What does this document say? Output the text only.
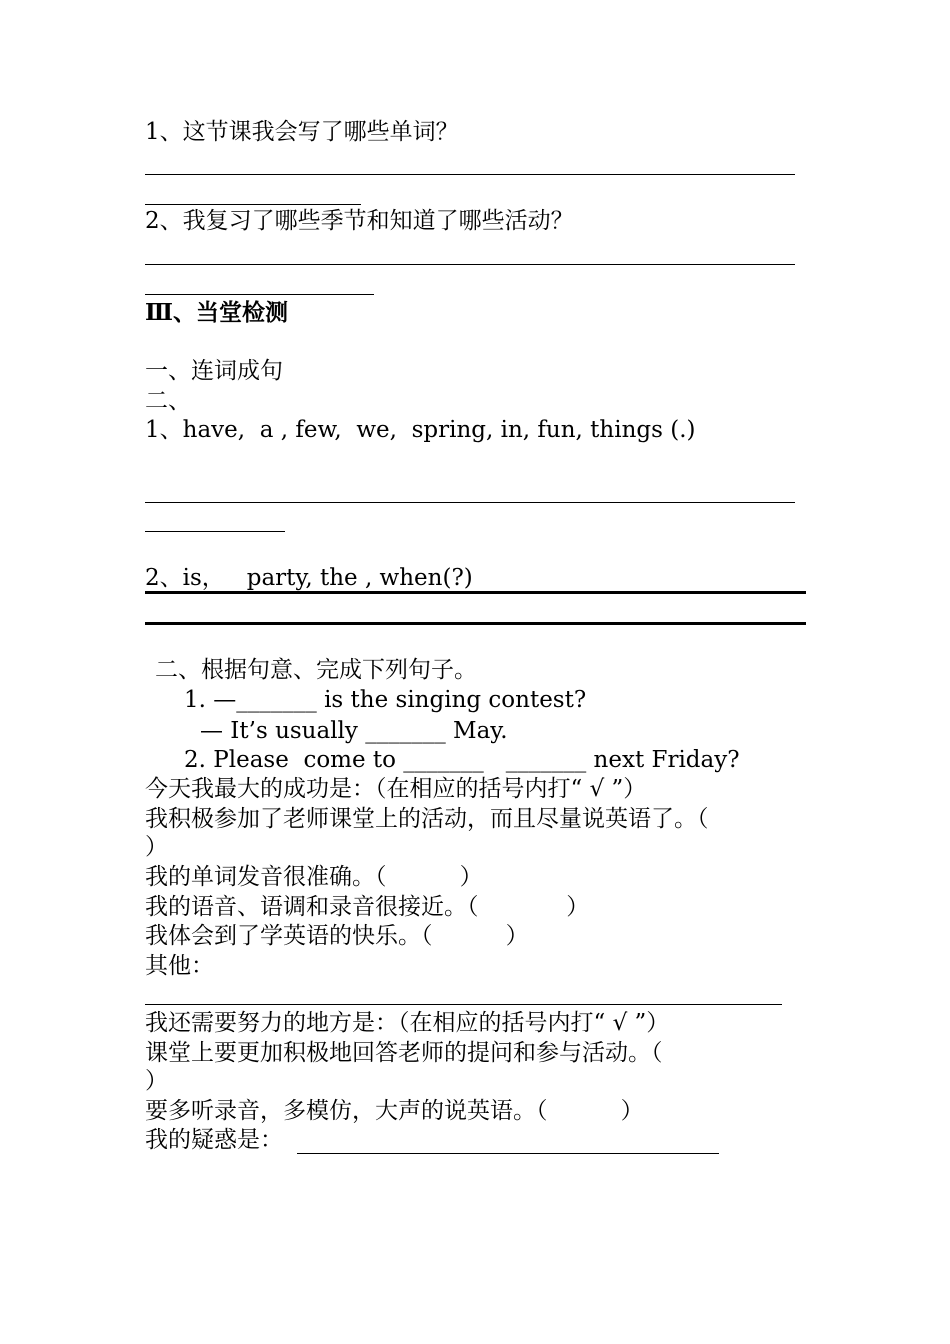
1、这节课我会写了哪些单词？
2、我复习了哪些季节和知道了哪些活动？
Ⅲ、当堂检测
一、连词成句
二、
1、have,  a , few,  we,  spring, in, fun, things (.)
2、is，   party, the , when(?)
二、根据句意、完成下列句子。
1. —_______ is the singing contest?
— It’s usually _______ May.
2. Please  come to _______   _______ next Friday?
今天我最大的成功是：（在相应的括号内打“ √ ”）
我积极参加了老师课堂上的活动，而且尽量说英语了。（
）
我的单词发音很准确。（          ）
我的语音、语调和录音很接近。（            ）
我体会到了学英语的快乐。（          ）
其他：
我还需要努力的地方是：（在相应的括号内打“ √ ”）
课堂上要更加积极地回答老师的提问和参与活动。（
）
要多听录音，多模仿，大声的说英语。（          ）
我的疑惑是：
